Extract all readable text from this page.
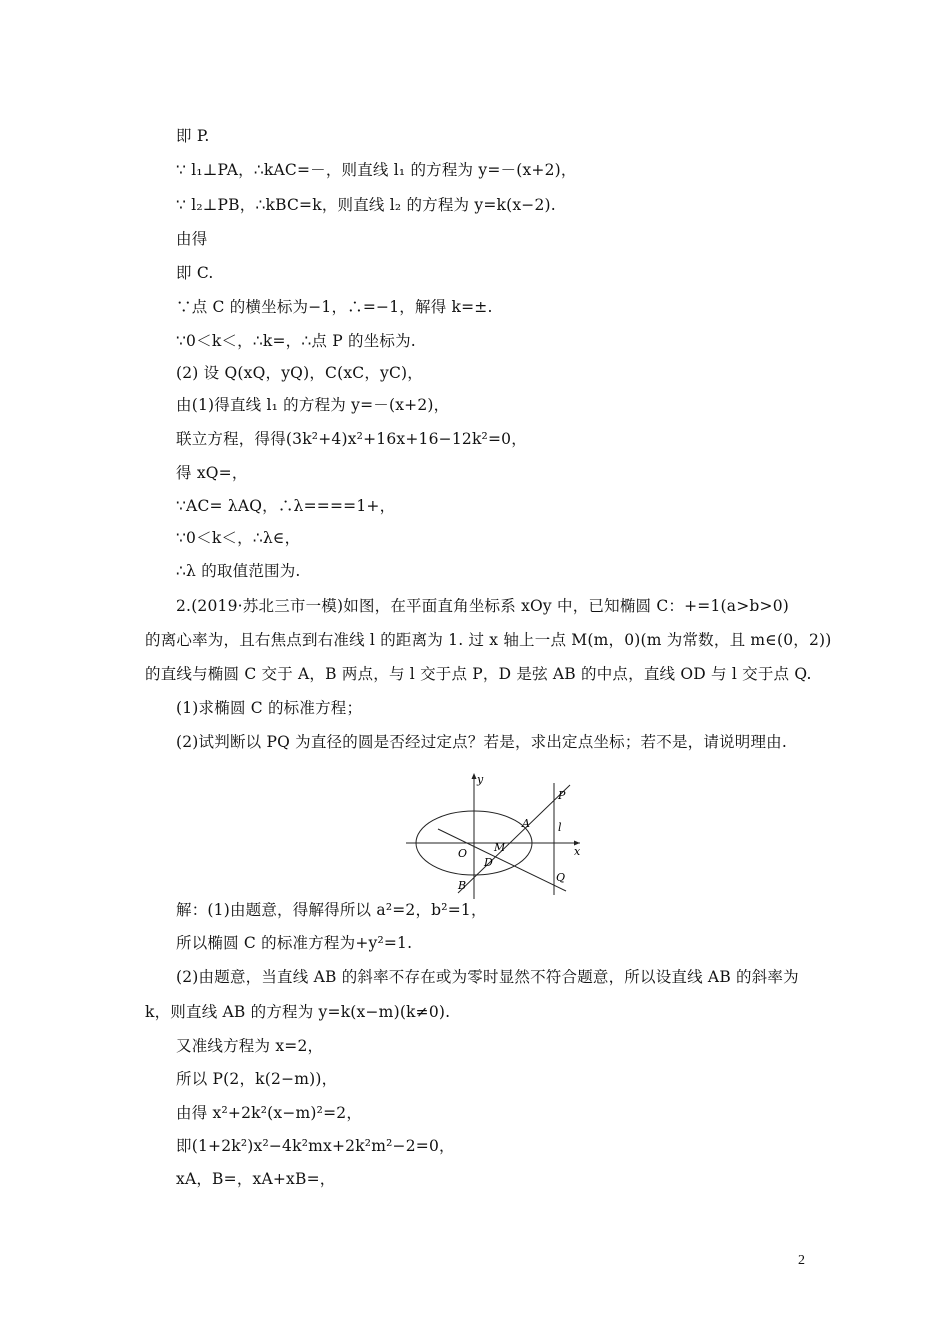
即 P.
∵ l₁⊥PA，∴kAC=－，则直线 l₁ 的方程为 y=－(x+2)，
∵ l₂⊥PB，∴kBC=k，则直线 l₂ 的方程为 y=k(x−2).
由得
即 C.
∵点 C 的横坐标为−1，∴=−1，解得 k=±.
∵0＜k＜，∴k=，∴点 P 的坐标为.
(2) 设 Q(xQ，yQ)，C(xC，yC)，
由(1)得直线 l₁ 的方程为 y=－(x+2)，
联立方程，得得(3k²+4)x²+16x+16−12k²=0，
得 xQ=，
∵AC= λAQ，∴λ====1+，
∵0＜k＜，∴λ∈，
∴λ 的取值范围为.
2.(2019·苏北三市一模)如图，在平面直角坐标系 xOy 中，已知椭圆 C：+=1(a>b>0)
的离心率为，且右焦点到右准线 l 的距离为 1. 过 x 轴上一点 M(m，0)(m 为常数，且 m∈(0，2))
的直线与椭圆 C 交于 A，B 两点，与 l 交于点 P，D 是弦 AB 的中点，直线 OD 与 l 交于点 Q.
(1)求椭圆 C 的标准方程；
(2)试判断以 PQ 为直径的圆是否经过定点？若是，求出定点坐标；若不是，请说明理由.
y
x
P
l
A
O M
D
B
Q
解：(1)由题意，得解得所以 a²=2，b²=1，
所以椭圆 C 的标准方程为+y²=1.
(2)由题意，当直线 AB 的斜率不存在或为零时显然不符合题意，所以设直线 AB 的斜率为
k，则直线 AB 的方程为 y=k(x−m)(k≠0).
又准线方程为 x=2，
所以 P(2，k(2−m))，
由得 x²+2k²(x−m)²=2，
即(1+2k²)x²−4k²mx+2k²m²−2=0，
xA，B=，xA+xB=，
2
